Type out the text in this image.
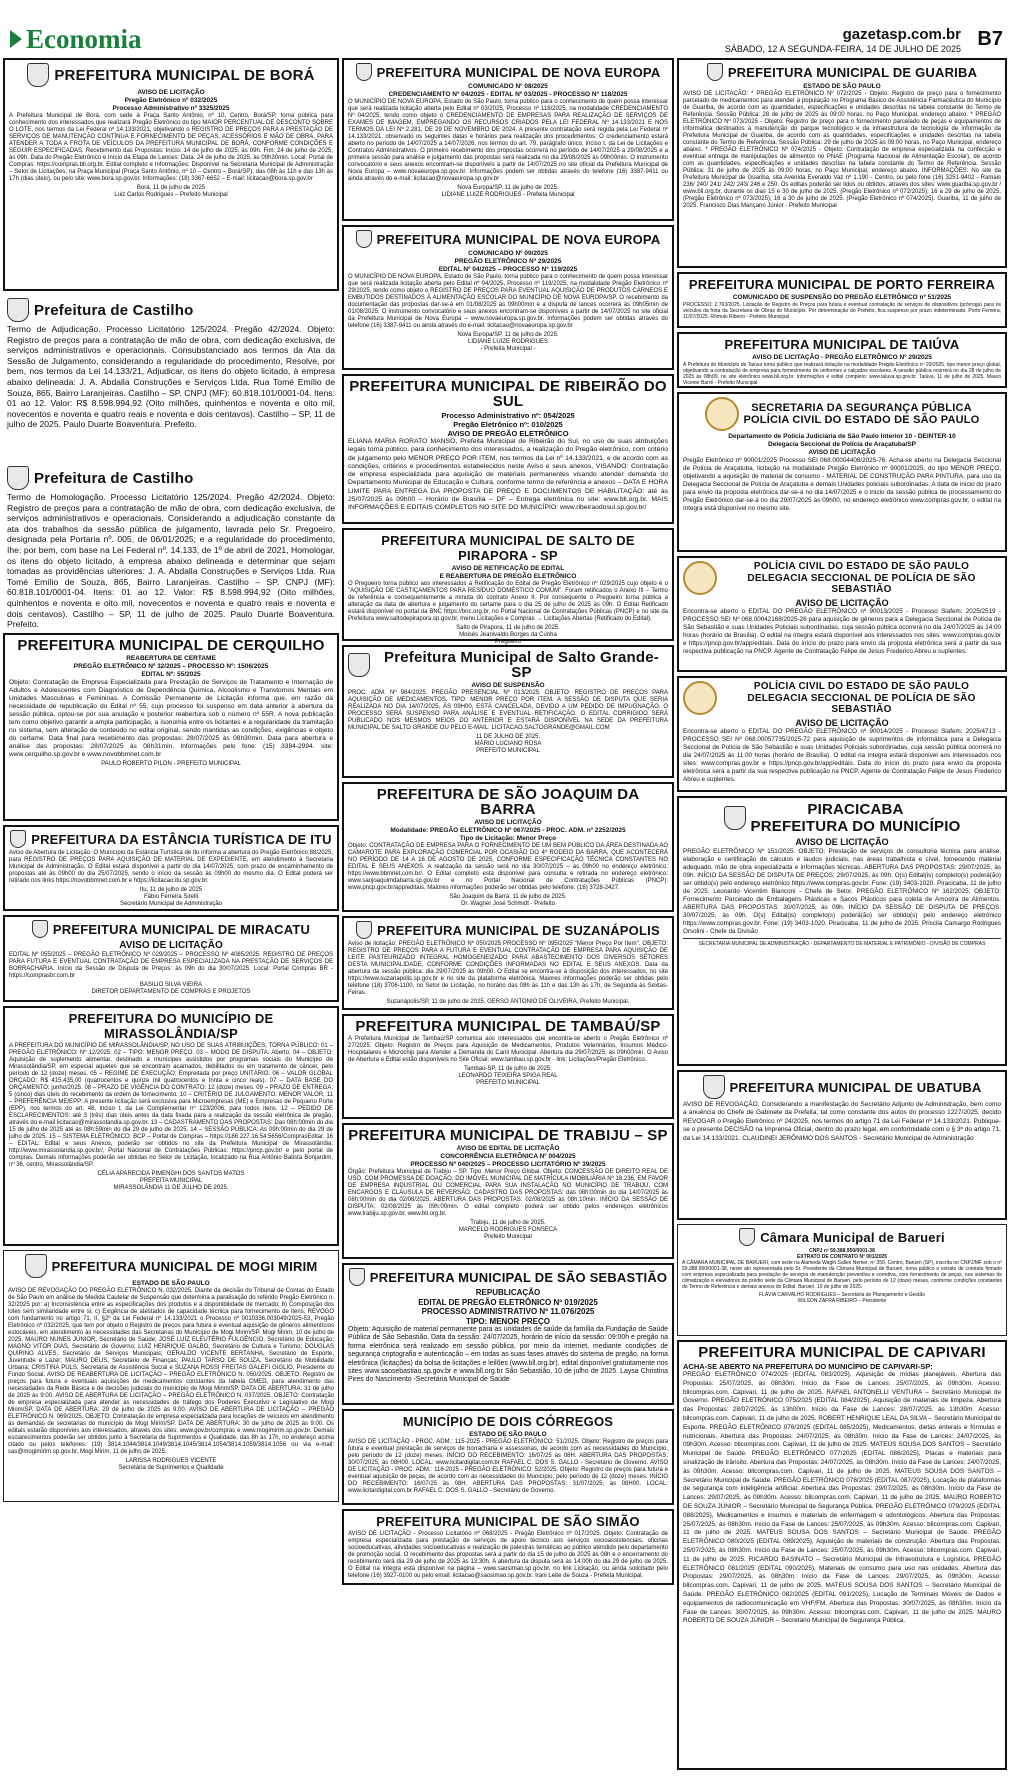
Economia	gazetasp.com.br
SÁBADO, 12 A SEGUNDA-FEIRA, 14 DE JULHO DE 2025 B7
PREFEITURA MUNICIPAL DE BORÁ
AVISO DE LICITAÇÃO
Pregão Eletrônico nº 032/2025
Processo Administrativo nº 3325/2025
A Prefeitura Municipal de Borá, com sede à Praça Santo Antônio, nº 10, Centro, Borá/SP, torna pública para conhecimento dos interessados que realizará Pregão Eletrônico do tipo MAIOR PERCENTUAL DE DESCONTO SOBRE O LOTE, nos termos da Lei Federal nº 14.133/2021, objetivando o REGISTRO DE PREÇOS PARA A PRESTAÇÃO DE SERVIÇOS DE MANUTENÇÃO CONTÍNUA E FORNECIMENTO DE PEÇAS, ACESSÓRIOS E MÃO DE OBRA, PARA ATENDER A TODA A FROTA DE VEÍCULOS DA PREFEITURA MUNICIPAL DE BORÁ, CONFORME CONDIÇÕES E SEGUIR ESPECIFICADAS. Recebimento das Propostas: Início: 14 de julho de 2025, às 09h. Fim: 24 de julho de 2025, às 09h. Data do Pregão Eletrônico e Início da Etapa de Lances: Data: 24 de julho de 2025, às 09h30min. Local: Portal de Compras: https://compras.bll.org.br. Edital completo e Informações: Disponível na Secretaria Municipal de Administração – Setor de Licitações, na Praça Municipal (Praça Santo Antônio, nº 10 – Centro – Borá/SP), das 08h às 11h e das 13h às 17h (dias úteis), ou pelo site: www.bora.sp.gov.br. Informações: (18) 3367-6652 – E-mail: licitacao@bora.sp.gov.br
Borá, 11 de julho de 2025
Luiz Carlos Rodrigues – Prefeito Municipal
Prefeitura de Castilho
Termo de Adjudicação. Processo Licitatório 125/2024. Pregão 42/2024. Objeto: Registro de preços para a contratação de mão de obra, com dedicação exclusiva, de serviços administrativos e operacionais. Consubstanciado aos termos da Ata da Sessão de Julgamento, considerando a regularidade do procedimento, Resolve, por bem, nos termos da Lei 14.133/21, Adjudicar, os itens do objeto licitado, à empresa abaixo delineada: J. A. Abdalla Construções e Serviços Ltda. Rua Tomé Emílio de Souza, 865, Bairro Laranjeiras. Castilho – SP. CNPJ (MF): 60.818.101/0001-04. Itens: 01 ao 12. Valor: R$ 8.598.994,92 (Oito milhões, quinhentos e noventa e oito mil, novecentos e noventa e quatro reais e noventa e dois centavos). Castilho – SP, 11 de julho de 2025. Paulo Duarte Boaventura. Prefeito.
Prefeitura de Castilho
Termo de Homologação. Processo Licitatório 125/2024. Pregão 42/2024. Objeto: Registro de preços para a contratação de mão de obra, com dedicação exclusiva, de serviços administrativos e operacionais. Considerando a adjudicação constante da ata dos trabalhos da sessão pública de julgamento, lavrada pelo Sr. Pregoeiro, designada pela Portaria nº. 005, de 06/01/2025; e a regularidade do procedimento, Ihe: por bem, com base na Lei Federal nº. 14.133, de 1º de abril de 2021, Homologar, os itens do objeto licitado, à empresa abaixo delineada e determinar que sejam tomadas as providências ulteriores: J. A. Abdalla Construções e Serviços Ltda. Rua Tomé Emílio de Souza, 865, Bairro Laranjeiras. Castilho – SP. CNPJ (MF): 60.818.101/0001-04. Itens: 01 ao 12. Valor: R$ 8.598.994,92 (Oito milhões, quinhentos e noventa e oito mil, novecentos e noventa e quatro reais e noventa e dois centavos). Castilho – SP, 11 de julho de 2025. Paulo Duarte Boaventura. Prefeito.
PREFEITURA MUNICIPAL DE CERQUILHO
REABERTURA DE CERTAME
PREGÃO ELETRÔNICO Nº 32/2025 – PROCESSO Nº: 1506/2025
EDITAL Nº: 55/2025
Objeto: Contratação de Empresa Especializada para Prestação de Serviços de Tratamento e Internação de Adultos e Adolescentes com Diagnóstico de Dependência Química, Alcoolismo e Transtornos Mentais em Unidades Masculinas e Femininas. A Comissão Permanente de Licitação informa que, em razão da necessidade de republicação do Edital nº 55, cujo processo foi suspenso em data anterior à abertura da sessão pública, optou-se por sua anulação e posterior reabertura sob o número nº 55R. A nova publicação tem como objetivo garantir a ampla participação, a isonomia entre os licitantes e a regularidade da tramitação no sistema, sem alteração de conteúdo no edital original, sendo mantidas as condições, exigências e objeto do certame. Data final para recebimento das propostas: 28/07/2025 às 08h30min. Data para abertura e análise das propostas: 28/07/2025 às 08h31min. Informações pelo fone: (15) 3384-2994. site: www.cerquilho.sp.gov.br e www.novobbmnet.com.br
PAULO ROBERTO PILON - PREFEITO MUNICIPAL
PREFEITURA DA ESTÂNCIA TURÍSTICA DE ITU
Aviso de Abertura de Licitação. O Município da Estância Turística de Itu informa a abertura do Pregão Eletrônico 88/2025, para REGISTRO DE PREÇOS PARA AQUISIÇÃO DE MATERIAL DE EXPEDIENTE, em atendimento à Secretaria Municipal de Administração. O Edital estará disponível a partir do dia 14/07/2025, com prazo de encaminhamento de propostas até às 09h00 do dia 25/07/2025, sendo o início da sessão às 09h00 do mesmo dia. O Edital poderá ser retirado nos links https://novobbmnet.com.br e https://licitacao.itu.sp.gov.br.
Itu, 11 de julho de 2025
Fábio Ferreira Sirelli
Secretário Municipal de Administração
PREFEITURA MUNICIPAL DE MIRACATU
AVISO DE LICITAÇÃO
EDITAL Nº 055/2025 – PREGÃO ELETRÔNICO Nº 029/2025 – PROCESSO Nº 4085/2025. REGISTRO DE PREÇOS PARA FUTURA E EVENTUAL CONTRATAÇÃO DE EMPRESA ESPECIALIZADA NA PRESTAÇÃO DE SERVIÇOS DE BORRACHARIA. Início da Sessão de Disputa de Preços: às 09h do dia 30/07/2025. Local: Portal Compras BR - https://comprasbr.com.br
BASILIO SILVA VIEIRA
DIRETOR DEPARTAMENTO DE COMPRAS E PROJETOS
PREFEITURA DO MUNICÍPIO DE MIRASSOLÂNDIA/SP
A PREFEITURA DO MUNICÍPIO DE MIRASSOLÂNDIA/SP, NO USO DE SUAS ATRIBUIÇÕES, TORNA PÚBLICO: 01 – PREGÃO ELETRÔNICO: Nº 12/2025. 02 – TIPO: MENOR PREÇO. 03 – MODO DE DISPUTA: Aberto. 04 – OBJETO: Aquisição de suplemento alimentar, destinado a munícipes assistidos por programas sociais do Município de Mirassolândia/SP, em especial aqueles que se encontram acamados, debilitados ou em tratamento de câncer, pelo período de 12 (doze) meses. 05 – REGIME DE EXECUÇÃO: Empreitada por preço UNITÁRIO. 06 – VALOR GLOBAL ORÇADO: R$ 415.435,00 (quatrocentos e quinze mil quatrocentos e trinta e cinco reais). 07 – DATA BASE DO ORÇAMENTO: junho/2025. 08 – PRAZO DE VIGÊNCIA DO CONTRATO: 12 (doze) meses. 09 – PRAZO DE ENTREGA: 5 (cinco) dias úteis do recebimento da ordem de fornecimento. 10 – CRITÉRIO DE JULGAMENTO: MENOR VALOR. 11 – PREFERÊNCIA ME/EPP: A presente licitação será exclusiva para Microempresas (ME) e Empresas de Pequeno Porte (EPP), nos termos do art. 48, inciso I, da Lei Complementar nº 123/2006, para todos itens. 12 – PEDIDO DE ESCLARECIMENTOS: até 3 (três) dias úteis antes da data fixada para a realização da sessão eletrônica de pregão, através do e-mail licitacao@mirassolandia.sp.gov.br. 13 – CADASTRAMENTO DAS PROPOSTAS: Das 08h:00min do dia 15 de julho de 2025 até as 08h:59min do dia 29 de julho de 2025. 14 – SESSÃO PÚBLICA: As 09h:00min do dia 29 de julho de 2025. 15 – SISTEMA ELETRÔNICO: BCP – Portal de Compras – https://186.227.16.54:5656/ComprasEditar. 16 – EDITAL: Edital e seus Anexos, poderão ser obtidos no site da Prefeitura Municipal de Mirassolândia: http://www.mirassolandia.sp.gov.br/, Portal Nacional de Contratações Públicas: https://pncp.gov.br/ e pelo portal de compras. Demais informações poderão ser obtidas no Setor de Licitação, localizado na Rua Antônio Batista Bonjardim, nº 36, centro, Mirassolândia/SP.
CÉLIA APARECIDA PIMENGHI DOS SANTOS MATOS
PREFEITA MUNICIPAL
MIRASSOLÂNDIA 11 DE JULHO DE 2025.
PREFEITURA MUNICIPAL DE MOGI MIRIM
ESTADO DE SÃO PAULO
AVISO DE REVOGAÇÃO DO PREGÃO ELETRÔNICO N. 032/2025. Diante da decisão do Tribunal de Contas do Estado de São Paulo em análise de Medida Cautelar de Suspensão que determina a paralisação do referido Pregão Eletrônico n. 32/2025 por: a) Inconsistência entre as especificações dos produtos e a disponibilidade de mercado; b) Composição dos lotes sem similaridade entre si; c) Exigência de atestados de capacidade técnica para fornecimento de itens, REVOGO com fundamento no artigo 71, II, §2º da Lei Federal nº 14.133/2021 o Processo nº 0010336.003049/2025-53, Pregão Eletrônico nº 032/2025, que tem por objeto o Registro de preços para futura e eventual aquisição de gêneros alimentícios estocáveis, em atendimento às necessidades das Secretarias do Município de Mogi Mirim/SP. Mogi Mirim, 10 de julho de 2025. MAURO NUNES JÚNIOR, Secretário de Saúde; JOSÉ LUIZ ELEUTÉRIO FULGÊNCIO, Secretário de Educação; MAGNO VITOR DIAS, Secretário de Governo; LUIZ HENRIQUE GALBO, Secretário de Cultura e Turismo; DOUGLAS QUIRINO ALVES, Secretário de Serviços Municipais; GERALDO VICENTE BERTANHA, Secretário de Esporte, Juventude e Lazer; MAURO DEUS, Secretário de Finanças; PAULO TARSO DE SOUZA, Secretário de Mobilidade Urbana; CRISTINA PULS, Secretária de Assistência Social e SUZANA ROSSI FREITAS GALEFI GIGLIO, Presidente do Fundo Social. AVISO DE REABERTURA DE LICITAÇÃO – PREGÃO ELETRÔNICO N. 050/2025. OBJETO: Registro de preços para futura e eventuais aquisições de medicamentos constantes da tabela CMED, para atendimento das necessidades da Rede Básica e de decisões judiciais do município de Mogi Mirim/SP. DATA DE ABERTURA: 31 de julho de 2025 às 9:00. AVISO DE ABERTURA DE LICITAÇÃO – PREGÃO ELETRÔNICO N. 037/2025. OBJETO: Contratação de empresa especializada para atender às necessidades de tráfego dos Poderes Executivo e Legislativo de Mogi Mirim/SP. DATA DE ABERTURA: 29 de julho de 2025 às 9:00. AVISO DE ABERTURA DE LICITAÇÃO – PREGÃO ELETRÔNICO N. 069/2025. OBJETO: Contratação de empresa especializada para locações de veículos em atendimento às demandas de secretarias do município de Mogi Mirim/SP. DATA DE ABERTURA: 30 de julho de 2025 às 9:00. Os editais estarão disponíveis aos interessados, através dos sites: www.gov.br/compras e www.mogimirim.sp.gov.br. Demais esclarecimentos poderão ser obtidos junto à Secretaria de Suprimentos e Qualidade, das 8h às 17h, no endereço acima citado ou pelos telefones: (19) 3814.1044/3814.1049/3814.1045/3814.1054/3814.1059/3814.1056 ou via e-mail: sas@mogimirim.sp.gov.br. Mogi Mirim, 11 de julho de 2025.
LARISSA RODRIGUES VICENTE
Secretária de Suprimentos e Qualidade
PREFEITURA MUNICIPAL DE NOVA EUROPA
COMUNICADO Nº 08/2025
CREDENCIAMENTO Nº 04/2025 - EDITAL Nº 03/2025 - PROCESSO Nº 118/2025
O MUNICÍPIO DE NOVA EUROPA, Estado de São Paulo, torna público para o conhecimento de quem possa interessar que será realizada licitação aberta pelo Edital nº 03/2025, Processo nº 118/2025, na modalidade CREDENCIAMENTO Nº 04/2025, tendo como objeto o CREDENCIAMENTO DE EMPRESAS PARA REALIZAÇÃO DE SERVIÇOS DE EXAMES DE IMAGEM, EMPREGANDO OS RECURSOS CRIADOS PELA LEI FEDERAL Nº 14.133/2021 E NOS TERMOS DA LEI Nº 2.281, DE 29 DE NOVEMBRO DE 2024. A presente contratação será regida pela Lei Federal nº 14.133/2021, observado os seguintes datas e horários para realização dos procedimentos: O credenciamento estará aberto no período de 14/07/2025 a 14/07/2026, nos termos do art. 79, parágrafo único, inciso I, da Lei de Licitações e Contratos Administrativos. O primeiro recebimento dos propostas ocorrerá no período de 14/07/2025 a 29/08/2025 e a primeira sessão para análise e julgamento das propostas será realizada no dia 29/08/2025 às 09h00min. O instrumento convocatório e seus anexos encontram-se disponíveis a partir de 14/07/2025 no site oficial da Prefeitura Municipal de Nova Europa – www.novaeuropa.sp.gov.br. Informações podem ser obtidas através do telefone (16) 3387-9411 ou ainda através do e-mail: licitacao@novaeuropa.sp.gov.br
Nova Europa/SP, 11 de julho de 2025.
LIDIANE LUIZE RODRIGUES - Prefeita Municipal
PREFEITURA MUNICIPAL DE NOVA EUROPA
COMUNICADO Nº 09/2025
PREGÃO ELETRÔNICO Nº 29/2025
EDITAL Nº 04/2025 – PROCESSO Nº 119/2025
O MUNICÍPIO DE NOVA EUROPA, Estado de São Paulo, torna público para o conhecimento de quem possa interessar que será realizada licitação aberta pelo Edital nº 04/2025, Processo nº 119/2025, na modalidade Pregão Eletrônico nº 29/2025, tendo como objeto o REGISTRO DE PREÇOS PARA EVENTUAL AQUISIÇÃO DE PRODUTOS CÁRNEOS E EMBUTIDOS DESTINADOS À ALIMENTAÇÃO ESCOLAR DO MUNICÍPIO DE NOVA EUROPA/SP. O recebimento da documentação das propostas dar-se-á em 01/08/2025 às 09h00min e a disputa de lances ocorrerá às 09h05min de 01/08/2025. O instrumento convocatório e seus anexos encontram-se disponíveis a partir de 14/07/2025 no site oficial da Prefeitura Municipal de Nova Europa – www.novaeuropa.sp.gov.br. Informações podem ser obtidas através do telefone (16) 3387-9411 ou ainda através do e-mail: licitacao@novaeuropa.sp.gov.br
Nova Europa/SP, 11 de julho de 2025.
LIDIANE LUIZE RODRIGUES
- Prefeita Municipal -
PREFEITURA MUNICIPAL DE RIBEIRÃO DO SUL
Processo Administrativo nº: 054/2025
Pregão Eletrônico nº: 010/2025
AVISO DE PREGÃO ELETRÔNICO
ELIANA MARIA RORATO MANSO, Prefeita Municipal de Ribeirão do Sul, no uso de suas atribuições legais torna público, para conhecimento dos interessados, a realização do Pregão eletrônico, com critério de julgamento pelo MENOR PREÇO POR ITEM, nos termos da Lei nº 14.133/2021, e de acordo com as condições, critérios e procedimentos estabelecidos neste Aviso e seus anexos, VISANDO: Contratação de empresa especializada para aquisição de materiais permanentes visando atender demanda do Departamento Municipal de Educação e Cultura, conforme termo de referência e anexos – DATA E HORA LIMITE PARA ENTREGA DA PROPOSTA DE PREÇO E DOCUMENTOS DE HABILITAÇÃO: até às 25/07/2025 às 09h00 – Horário de Brasília – DF – Entrega eletrônica no site: www.bll.org.br. MAIS INFORMAÇÕES E EDITAIS COMPLETOS NO SITE DO MUNICÍPIO: www.ribeiraodosul.sp.gov.br/
PREFEITURA MUNICIPAL DE SALTO DE PIRAPORA - SP
AVISO DE RETIFICAÇÃO DE EDITAL
E REABERTURA DE PREGÃO ELETRÔNICO
O Pregoeiro torna público aos interessados a Retificação do Edital de Pregão Eletrônico nº 029/2025 cujo objeto é o "AQUISIÇÃO DE CASTIÇAMENTOS PARA RESÍDUO DOMÉSTICO COMUM". Foram retificados o Anexo III – Termo de referência e consequentemente a minuta do contrato Anexo II. Por consequente o Pregoeiro torna pública a alteração da data de abertura e julgamento do certame para o dia 25 de julho de 2025 às 09h. O Edital Retificado estará disponível no portal da BNC https://bnc.org.br, no Portal Nacional de Contratações Públicas (PNCP) e no site da Prefeitura www.saltodepirapora.sp.gov.br, menu Licitações e Compras → Licitações Abertas (Retificado do Edital).
Salto de Pirapora, 11 de julho de 2025.
Moisés Jeanivaldo Borges da Cunha
Pregoeiro
Prefeitura Municipal de Salto Grande-SP
AVISO DE SUSPENSÃO
PROC. ADM. Nº 984/2025. PREGÃO PRESENCIAL Nº 013/2025. OBJETO: REGISTRO DE PREÇOS PARA AQUISIÇÃO DE MEDICAMENTOS. TIPO: MENOR PREÇO POR ITEM. A SESSÃO DE DISPUTA QUE SERIA REALIZADA NO DIA 14/07/2025, ÀS 09H00, ESTÁ CANCELADA, DEVIDO A UM PEDIDO DE IMPUGNAÇÃO. O PROCESSO SERÁ SUSPENSO PARA ANÁLISE E EVENTUAL RETIFICAÇÃO. O EDITAL CORRIGIDO SERÁ PUBLICADO NOS MESMOS MEIOS DO ANTERIOR E ESTARÁ DISPONÍVEL NA SEDE DA PREFEITURA MUNICIPAL DE SALTO GRANDE OU PELO E-MAIL: LICITACAO.SALTOGRANDE@GMAIL.COM
11 DE JULHO DE 2025.
MÁRIO LUCIANO ROSA
PREFEITO MUNICIPAL
PREFEITURA DE SÃO JOAQUIM DA BARRA
AVISO DE LICITAÇÃO
Modalidade: PREGÃO ELETRÔNICO Nº 067/2025 - PROC. ADM. nº 2252/2025
Tipo de Licitação: Menor Preço
Objeto: CONTRATAÇÃO DE EMPRESA PARA O FORNECIMENTO DE UM BEM PÚBLICO DA ÁREA DESTINADA AO CAMAROTE PARA EXPLORAÇÃO COMERCIAL POR OCASIÃO DO 4º RODEIO DA BARRA, QUE ACONTECERÁ NO PERÍODO DE 14 A 16 DE AGOSTO DE 2025, CONFORME ESPECIFICAÇÃO TÉCNICA CONSTANTES NO EDITAL E SEUS ANEXOS. A realização da sessão será no dia 30/07/2025 – às 09h00 no endereço eletrônico: https://www.bbmnet.com.br/. O Edital completo está disponível para consulta e retirada no endereço eletrônico: www.saojoaquimdabarra.sp.gov.br e no Portal Nacional de Contratações Públicas (PNCP): www.pncp.gov.br/app/editais. Maiores informações poderão ser obtidas pelo telefone: (16) 3728-2427.
São Joaquim da Barra, 11 de julho de 2025.
Dr. Wagner José Schmidt - Prefeito
PREFEITURA MUNICIPAL DE SUZANÁPOLIS
Aviso de licitação: PREGÃO ELETRÔNICO Nº 050/2025 PROCESSO Nº 095/2025 "Menor Preço Por Item". OBJETO: REGISTRO DE PREÇOS PARA A FUTURA E EVENTUAL CONTRATAÇÃO DE EMPRESA PARA AQUISIÇÃO DE LEITE PASTEURIZADO INTEGRAL HOMOGENEIZADO PARA ABASTECIMENTO DOS DIVERSOS SETORES DESTA MUNICIPALIDADE, CONFORME CONDIÇÕES INFORMADAS NO EDITAL E SEUS ANEXOS. Data da abertura da sessão pública: dia 29/07/2025 às 09h00. O Edital se encontra-se à disposição dos interessados, no site https://www.suzanapolis.sp.gov.br e no site da plataforma eletrônica. Maiores informações poderão ser obtidas pelo telefone (18) 3706-1100, no Setor de Licitação, no horário das 08h às 11h e das 13h às 17h, de Segunda às Sextas-Feiras.
Suzanápolis/SP, 11 de julho de 2025. GERSO ANTONIO DE OLIVEIRA, Prefeito Municipal.
PREFEITURA MUNICIPAL DE TAMBAÚ/SP
A Prefeitura Municipal de Tambaú/SP comunica aos interessados que encontra-se aberto o Pregão Eletrônico nº 27/2025. Objeto: Registro de Preços para Aquisição de Medicamentos, Produtos Veterinários, Insumos Médico-Hospitalares e Microchip para Atender a Demanda do Canil Municipal. Abertura dia 29/07/2025, às 09h00min. O Aviso de Abertura e Edital estão disponíveis no Site Oficial: www.tambau.sp.gov.br - link: Licitações/Pregão Eletrônico.
Tambaú-SP, 11 de julho de 2025.
LEONARDO TEIXEIRA SPIGA REAL
PREFEITO MUNICIPAL
PREFEITURA MUNICIPAL DE TRABIJU – SP
AVISO DE EDITAL DE LICITAÇÃO
CONCORRÊNCIA ELETRÔNICA Nº 004/2025
PROCESSO Nº 040/2025 – PROCESSO LICITATÓRIO Nº 39/2025
Órgão: Prefeitura Municipal de Trabiju – SP. Tipo: Menor Preço Global. Objeto: CONCESSÃO DE DIREITO REAL DE USO, COM PROMESSA DE DOAÇÃO, DO IMÓVEL MUNICIPAL DE MATRÍCULA IMOBILIÁRIA Nº 18.236, EM FAVOR DE EMPRESA INDUSTRIAL OU COMERCIAL PARA SUA INSTALAÇÃO NO MUNICÍPIO DE TRABIJU, COM ENCARGOS E CLÁUSULA DE REVERSÃO. CADASTRO DAS PROPOSTAS: das 08h:00min do dia 14/07/2025 às 08h:00min do dia 02/08/2025. ABERTURA DAS PROPOSTAS: 02/08/2025 às 08h:10min. INÍCIO DA SESSÃO DE DISPUTA: 02/08/2025 às 09h:00min. O edital completo poderá ser obtido pelos endereços eletrônicos www.trabiju.sp.gov.br, www.bll.org.br.
Trabiju, 11 de julho de 2025.
MARCELO RODRIGUES FONSECA
Prefeito Municipal
PREFEITURA MUNICIPAL DE SÃO SEBASTIÃO
REPUBLICAÇÃO
EDITAL DE PREGÃO ELETRÔNICO Nº 019/2025
PROCESSO ADMINISTRATIVO Nº 11.076/2025
TIPO: MENOR PREÇO
Objeto: Aquisição de material permanente para as unidades de saúde da família da Fundação de Saúde Pública de São Sebastião. Data da sessão: 24/07/2025, horário de início da sessão: 09:00h e pregão na forma eletrônica será realizado em sessão pública, por meio da internet, mediante condições de segurança criptografia e autenticação – em todas as suas fases através do sistema de pregão, na forma eletrônica (licitações) da bolsa de licitações e leilões (www.bll.org.br). edital disponível gratuitamente nos sites www.saosebastiao.sp.gov.br e www.bll.org.br São Sebastião, 10 de julho de 2025. Laysa Christina Pires do Nascimento -Secretária Municipal de Saúde
MUNICÍPIO DE DOIS CÓRREGOS
ESTADO DE SÃO PAULO
AVISO DE LICITAÇÃO - PROC. ADM.: 115-2025 - PREGÃO ELETRÔNICO: 51/2025. Objeto: Registro de preços para futura e eventual prestação de serviços de borracharia e assessorias, de acordo com as necessidades do Município, pelo período de 12 (doze) meses. INÍCIO DO RECEBIMENTO: 16/07/25 às 08H. ABERTURA DAS PROPOSTAS: 30/07/2025, às 08H00. LOCAL: www.licitardigital.com.br RAFAEL C. DOS S. GALLO - Secretário de Governo. AVISO DE LICITAÇÃO - PROC. ADM.: 116-2025 - PREGÃO ELETRÔNICO: 52/2025. Objeto: Registro de preços para futura e eventual aquisição de peças, de acordo com as necessidades do Município, pelo período de 12 (doze) meses. INÍCIO DO RECEBIMENTO: 16/07/25 às 08H. ABERTURA DAS PROPOSTAS: 31/07/2025, às 08H00. LOCAL: www.licitardigital.com.br RAFAEL C. DOS S. GALLO - Secretário de Governo.
PREFEITURA MUNICIPAL DE SÃO SIMÃO
AVISO DE LICITAÇÃO - Processo Licitatório nº 068/2025 - Pregão Eletrônico nº 017/2025. Objeto: Contratação de empresa especializada para prestação de serviços de apoio técnico aos serviços socioassistenciais, oficinas socioeducativas, atividades socioeducativas e realização de palestras temáticas ao público atendido pelo departamento de promoção social. O recebimento das propostas será a partir do dia 15 de julho de 2025 às 08h e o encerramento do recebimento será dia 29 de julho de 2025 às 13:30h. A abertura da disputa será às 14:00h do dia 29 de julho de 2025. O Edital na íntegra está disponível na página – www.saosimao.sp.gov.br, no link Licitação, ou ainda solicitado pelo telefone (16) 3927-0100 ou pelo email: licitacao@saosimao.sp.gov.br. Irani Leite de Souza - Prefeita Municipal.
PREFEITURA MUNICIPAL DE GUARIBA
ESTADO DE SÃO PAULO
AVISO DE LICITAÇÃO: * PREGÃO ELETRÔNICO Nº 072/2025 - Objeto: Registro de preço para o fornecimento parcelado de medicamentos para atender à população no Programa Básico de Assistência Farmacêutica do Município de Guariba, de acordo com as quantidades, especificações e unidades descritas na tabela constante do Termo de Referência. Sessão Pública: 28 de julho de 2025 às 09:00 horas, no Paço Municipal, endereço abaixo. * PREGÃO ELETRÔNICO Nº 073/2025 - Objeto: Registro de preço para o fornecimento parcelado de peças e equipamentos de informática destinados à manutenção do parque tecnológico e da infraestrutura de tecnologia de informação da Prefeitura Municipal de Guariba, de acordo com as quantidades, especificações e unidades descritas na tabela constante do Termo de Referência. Sessão Pública: 29 de julho de 2025 às 09:00 horas, no Paço Municipal, endereço abaixo. * PREGÃO ELETRÔNICO Nº 074/2025 - Objeto: Contratação de empresa especializada na confecção e eventual entrega de manipulações de alimentos no PNAE (Programa Nacional de Alimentação Escolar), de acordo com as quantidades, especificações e unidades descritas na tabela constante do Termo de Referência. Sessão Pública: 31 de julho de 2025 às 09:00 horas, no Paço Municipal, endereço abaixo. INFORMAÇÕES: No site da Prefeitura Municipal de Guariba, sita Avenida Everaldo Vaz nº 1.190 - Centro, ou pelo fone (16) 3251-9402 - Ramais 236/ 240/ 241/ 242/ 243/ 246 e 250. Os editais poderão ser lidos ou obtidos, através dos sites: www.guariba.sp.gov.br / www.bll.org.br, durante os dias 15 e 30 de julho de 2025. (Pregão Eletrônico nº 072/2025); 16 a 29 de julho de 2025. (Pregão Eletrônico nº 073/2025); 16 a 30 de julho de 2025. (Pregão Eletrônico nº 074/2025). Guariba, 11 de julho de 2025. Francisco Dias Mançano Júnior - Prefeito Municipal
PREFEITURA MUNICIPAL DE PORTO FERREIRA
COMUNICADO DE SUSPENSÃO DO PREGÃO ELETRÔNICO nº 51/2025
PROCESSO: 2.763/2025. Licitação de Registro de Preços para futura e eventual contratação de serviços de dispositivos (prórroga) para os veículos da frota da Secretaria de Obras do Município. Por determinação do Prefeito, fica suspenso por prazo indeterminado. Porto Ferreira, 11/07/2025. Rômulo Ribeiro - Prefeito Municipal
PREFEITURA MUNICIPAL DE TAIÚVA
AVISO DE LICITAÇÃO - PREGÃO ELETRÔNICO Nº 29/2025
A Prefeitura do Município de Taiúva torna público que realizará licitação na modalidade Pregão Eletrônico nº 29/2025, tipo menor preço global, objetivando a contratação de empresa para fornecimento de uniformes e calçados escolares. A sessão pública ocorrerá no dia 28 de julho de 2025 às 08h00, no site eletrônico www.bll.org.br. Informações e edital completo: www.taiuva.sp.gov.br. Taiúva, 11 de julho de 2025. Mauro Vicente Barrê - Prefeito Municipal
SECRETARIA DA SEGURANÇA PÚBLICA
POLÍCIA CIVIL DO ESTADO DE SÃO PAULO
Departamento de Polícia Judiciária de São Paulo Interior 10 - DEINTER-10
Delegacia Seccional de Polícia de Araçatuba/SP
AVISO DE LICITAÇÃO
Pregão Eletrônico nº 90001/2025 Processo SEI 068.00004408/2025-76. Acha-se aberto na Delegacia Seccional de Polícia de Araçatuba, licitação na modalidade Pregão Eletrônico nº 90001/2025, do tipo MENOR PREÇO, objetivando a aquisição de material de consumo - MATERIAL DE CONSTRUÇÃO PARA PINTURA, para uso da Delegacia Seccional de Polícia de Araçatuba e demais Unidades policiais subordinadas. A data de início do prazo para envio da proposta eletrônica dar-se-á no dia 14/07/2025 e o início da sessão pública de processamento do Pregão Eletrônico dar-se-á no dia 29/07/2025 às 09h00, no endereço eletrônico www.compras.gov.br, o edital na íntegra está disponível no mesmo site.
POLÍCIA CIVIL DO ESTADO DE SÃO PAULO
DELEGACIA SECCIONAL DE POLÍCIA DE SÃO SEBASTIÃO
AVISO DE LICITAÇÃO
Encontra-se aberto o EDITAL DO PREGÃO ELETRÔNICO nº 90013/2025 - Processo Siafem: 2025/2519 - PROCESSO SEI Nº 068.00042168/2025-26 para aquisição de gêneros para a Delegacia Seccional de Polícia de São Sebastião e suas Unidades Policiais subordinadas, cuja sessão pública ocorrerá no dia 24/07/2025 às 14:00 horas (horário de Brasília). O edital na íntegra estará disponível aos interessados nos sites: www.compras.gov.br e https://pncp.gov.br/app/editais. Data do início do prazo para envio da proposta eletrônica será a partir da sua respectiva publicação na PNCP. Agente de Contratação Felipe de Jesus Frederico Abreu e suplentes.
POLÍCIA CIVIL DO ESTADO DE SÃO PAULO
DELEGACIA SECCIONAL DE POLÍCIA DE SÃO SEBASTIÃO
AVISO DE LICITAÇÃO
Encontra-se aberto o EDITAL DO PREGÃO ELETRÔNICO nº 90014/2025 - Processo Siafem: 2025/4713 - PROCESSO SEI Nº 068.00057735/2025-72 para aquisição de suprimentos de informática para a Delegacia Seccional de Polícia de São Sebastião e suas Unidades Policiais subordinadas, cuja sessão pública ocorrerá no dia 24/07/2025 às 11:00 horas (horário de Brasília). O edital na íntegra estará disponível aos interessados nos sites: www.compras.gov.br e https://pncp.gov.br/app/editais. Data do início do prazo para envio da proposta eletrônica será a partir da sua respectiva publicação na PNCP. Agente de Contratação Felipe de Jesus Frederico Abreu e suplentes.
PIRACICABA
PREFEITURA DO MUNICÍPIO
AVISO DE LICITAÇÃO
PREGÃO ELETRÔNICO Nº 151/2025. OBJETO: Prestação de serviços de consultoria técnica para análise, elaboração e certificação de cálculos e laudos judiciais, nas áreas trabalhista e cível, fornecendo material adequado, mão de obra especializada e informações técnicas. ABERTURA DAS PROPOSTAS: 29/07/2025, às 09h. INÍCIO DA SESSÃO DE DISPUTA DE PREÇOS: 29/07/2025, às 09h. O(s) Edital(is) completo(s) poderá(ão) ser obtido(s) pelo endereço eletrônico https://www.compras.gov.br. Fone: (19) 3403-1020. Piracicaba, 11 de julho de 2025. Leonardo Vicentim Bianconi - Chefe de Setor. PREGÃO ELETRÔNICO Nº 162/2025. OBJETO: Fornecimento Parcelado de Embalagens Plásticas e Sacos Plásticos para coleta de Amostra de Alimentos. ABERTURA DAS PROPOSTAS: 30/07/2025, às 09h. INÍCIO DA SESSÃO DE DISPUTA DE PREÇOS: 30/07/2025, às 09h. O(s) Edital(is) completo(s) poderá(ão) ser obtido(s) pelo endereço eletrônico https://www.compras.gov.br. Fone: (19) 3403-1020. Piracicaba, 11 de julho de 2025. Priscila Camargo Rodrigues Orsolini - Chefe da Divisão
SECRETARIA MUNICIPAL DE ADMINISTRAÇÃO - DEPARTAMENTO DE MATERIAL E PATRIMÔNIO - DIVISÃO DE COMPRAS
PREFEITURA MUNICIPAL DE UBATUBA
AVISO DE REVOGAÇÃO. Considerando a manifestação do Secretário Adjunto de Administração, bem como a anuência do Chefe de Gabinete da Prefeita, tal como constante dos autos do processo 1227/2025, decido REVOGAR o Pregão Eletrônico nº 24/2025, nos termos do artigo 71 da Lei Federal nº 14.133/2021. Publique-se o presente DECISÃO na Imprensa Oficial, dentro do prazo legal, em conformidade com o § 3º do artigo 71, da Lei 14.133/2021. CLAUDINEI JERÔNIMO DOS SANTOS - Secretário Municipal de Administração
Câmara Municipal de Barueri
CNPJ nº 59.388.950/0001-38
EXTRATO DE CONTRATO Nº 001/2025
A CÂMARA MUNICIPAL DE BARUERI, com sede na Alameda Wagih Salles Nemer, nº 356, Centro, Barueri (SP), inscrita no CNPJ/MF sob o nº 59.388.950/0001-38, neste ato representada pelo Sr. Presidente da Câmara Municipal de Barueri, torna público o extrato de contrato firmado com empresa especializada para prestação de serviços de manutenção preventiva e corretiva, com fornecimento de peças, nos sistemas de climatização e elevadores do prédio sede da Câmara Municipal de Barueri, pelo período de 12 (doze) meses, conforme condições constantes do Termo de Referência e demais anexos do Edital. Barueri, 10 de julho de 2025.
FLÁVIA CARVALHO RODRIGUES – Secretária de Planejamento e Gestão
WILSON ZAFRA RIBEIRO – Presidente
PREFEITURA MUNICIPAL DE CAPIVARI
ACHA-SE ABERTO NA PREFEITURA DO MUNICÍPIO DE CAPIVARI-SP:
PREGÃO ELETRÔNICO 074/2025 (EDITAL 083/2025), Aquisição de mídias planejáveis. Abertura das Propostas: 25/07/2025, às 08h30m. Início da Fase de Lances: 25/07/2025, às 09h30m. Acesso: bllcompras.com. Capivari, 11 de julho de 2025. RAFAEL ANTONELLI VENTURA – Secretário Municipal de Governo. PREGÃO ELETRÔNICO 075/2025 (EDITAL 084/2025), Aquisição de materiais de limpeza. Abertura das Propostas: 28/07/2025, às 13h00m. Início da Fase de Lances: 28/07/2025, às 13h30m. Acesso: bllcompras.com. Capivari, 11 de julho de 2025. ROBERT HENRIQUE LEAL DA SILVA – Secretário Municipal de Esporte. PREGÃO ELETRÔNICO 076/2025 (EDITAL 085/2025), Medicamentos, dietas enterais e fórmulas e nutricionais. Abertura das Propostas: 24/07/2025, às 08h30m. Início da Fase de Lances: 24/07/2025, às 09h30m. Acesso: bllcompras.com. Capivari, 11 de julho de 2025. MATEUS SOUSA DOS SANTOS – Secretário Municipal de Saúde. PREGÃO ELETRÔNICO 077/2025 (EDITAL 086/2025), Placas e materiais para sinalização de trânsito. Abertura das Propostas: 24/07/2025, às 08h30m. Início da Fase de Lances: 24/07/2025, às 09h30m. Acesso: bllcompras.com. Capivari, 11 de julho de 2025. MATEUS SOUSA DOS SANTOS – Secretário Municipal de Saúde. PREGÃO ELETRÔNICO 078/2025 (EDITAL 087/2025), Locação de plataformas de segurança com inteligência artificial. Abertura das Propostas: 29/07/2025, às 08h30m. Início da Fase de Lances: 29/07/2025, às 09h30m. Acesso: bllcompras.com. Capivari, 11 de julho de 2025. MAURO ROBERTO DE SOUZA JÚNIOR – Secretário Municipal de Segurança Pública. PREGÃO ELETRÔNICO 079/2025 (EDITAL 088/2025), Medicamentos e insumos e materiais de enfermagem e odontológicos. Abertura das Propostas: 25/07/2025, às 08h30m. Início da Fase de Lances: 25/07/2025, às 09h30m. Acesso: bllcompras.com. Capivari, 11 de julho de 2025. MATEUS SOUSA DOS SANTOS – Secretário Municipal de Saúde. PREGÃO ELETRÔNICO 080/2025 (EDITAL 089/2025), Aquisição de materiais de construção. Abertura das Propostas: 25/07/2025, às 08h30m. Início da Fase de Lances: 25/07/2025, às 09h30m. Acesso: bllcompras.com. Capivari, 11 de julho de 2025. RICARDO BASINATO – Secretário Municipal de Infraestrutura e Logística. PREGÃO ELETRÔNICO 081/2025 (EDITAL 090/2025), Materiais de consumo para uso nas unidades. Abertura das Propostas: 29/07/2025, às 08h30m. Início da Fase de Lances: 29/07/2025, às 09h30m. Acesso: bllcompras.com. Capivari, 11 de julho de 2025. MATEUS SOUSA DOS SANTOS – Secretário Municipal de Saúde. PREGÃO ELETRÔNICO 082/2025 (EDITAL 091/2025), Locação de Terminais Móveis de Dados e equipamentos de radiocomunicação em VHF/FM. Abertura das Propostas: 30/07/2025, às 08h30m. Início da Fase de Lances: 30/07/2025, às 09h30m. Acesso: bllcompras.com. Capivari, 11 de julho de 2025. MAURO ROBERTO DE SOUZA JÚNIOR – Secretário Municipal de Segurança Pública.
